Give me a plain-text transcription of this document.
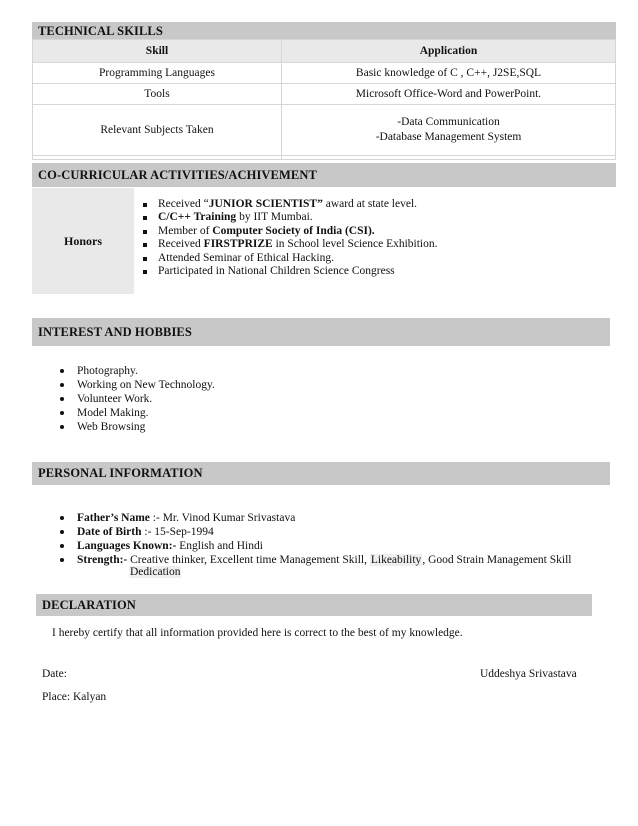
TECHNICAL SKILLS
Skill	Application
Programming Languages	Basic knowledge of C , C++, J2SE,SQL
Tools	Microsoft Office-Word and PowerPoint.
Relevant Subjects Taken	-Data Communication
-Database Management System

CO-CURRICULAR ACTIVITIES/ACHIVEMENT
Honors
Received “JUNIOR SCIENTIST” award at state level.
C/C++ Training by IIT Mumbai.
Member of Computer Society of India (CSI).
Received FIRSTPRIZE in School level Science Exhibition.
Attended Seminar of Ethical Hacking.
Participated in National Children Science Congress
INTEREST AND HOBBIES
Photography.
Working on New Technology.
Volunteer Work.
Model Making.
Web Browsing
PERSONAL INFORMATION
Father’s Name :- Mr. Vinod Kumar Srivastava
Date of Birth :- 15-Sep-1994
Languages Known:- English and Hindi
Strength:- Creative thinker, Excellent time Management Skill, Likeability, Good Strain Management Skill
Dedication
DECLARATION
I hereby certify that all information provided here is correct to the best of my knowledge.
Date:	Uddeshya Srivastava
Place: Kalyan
